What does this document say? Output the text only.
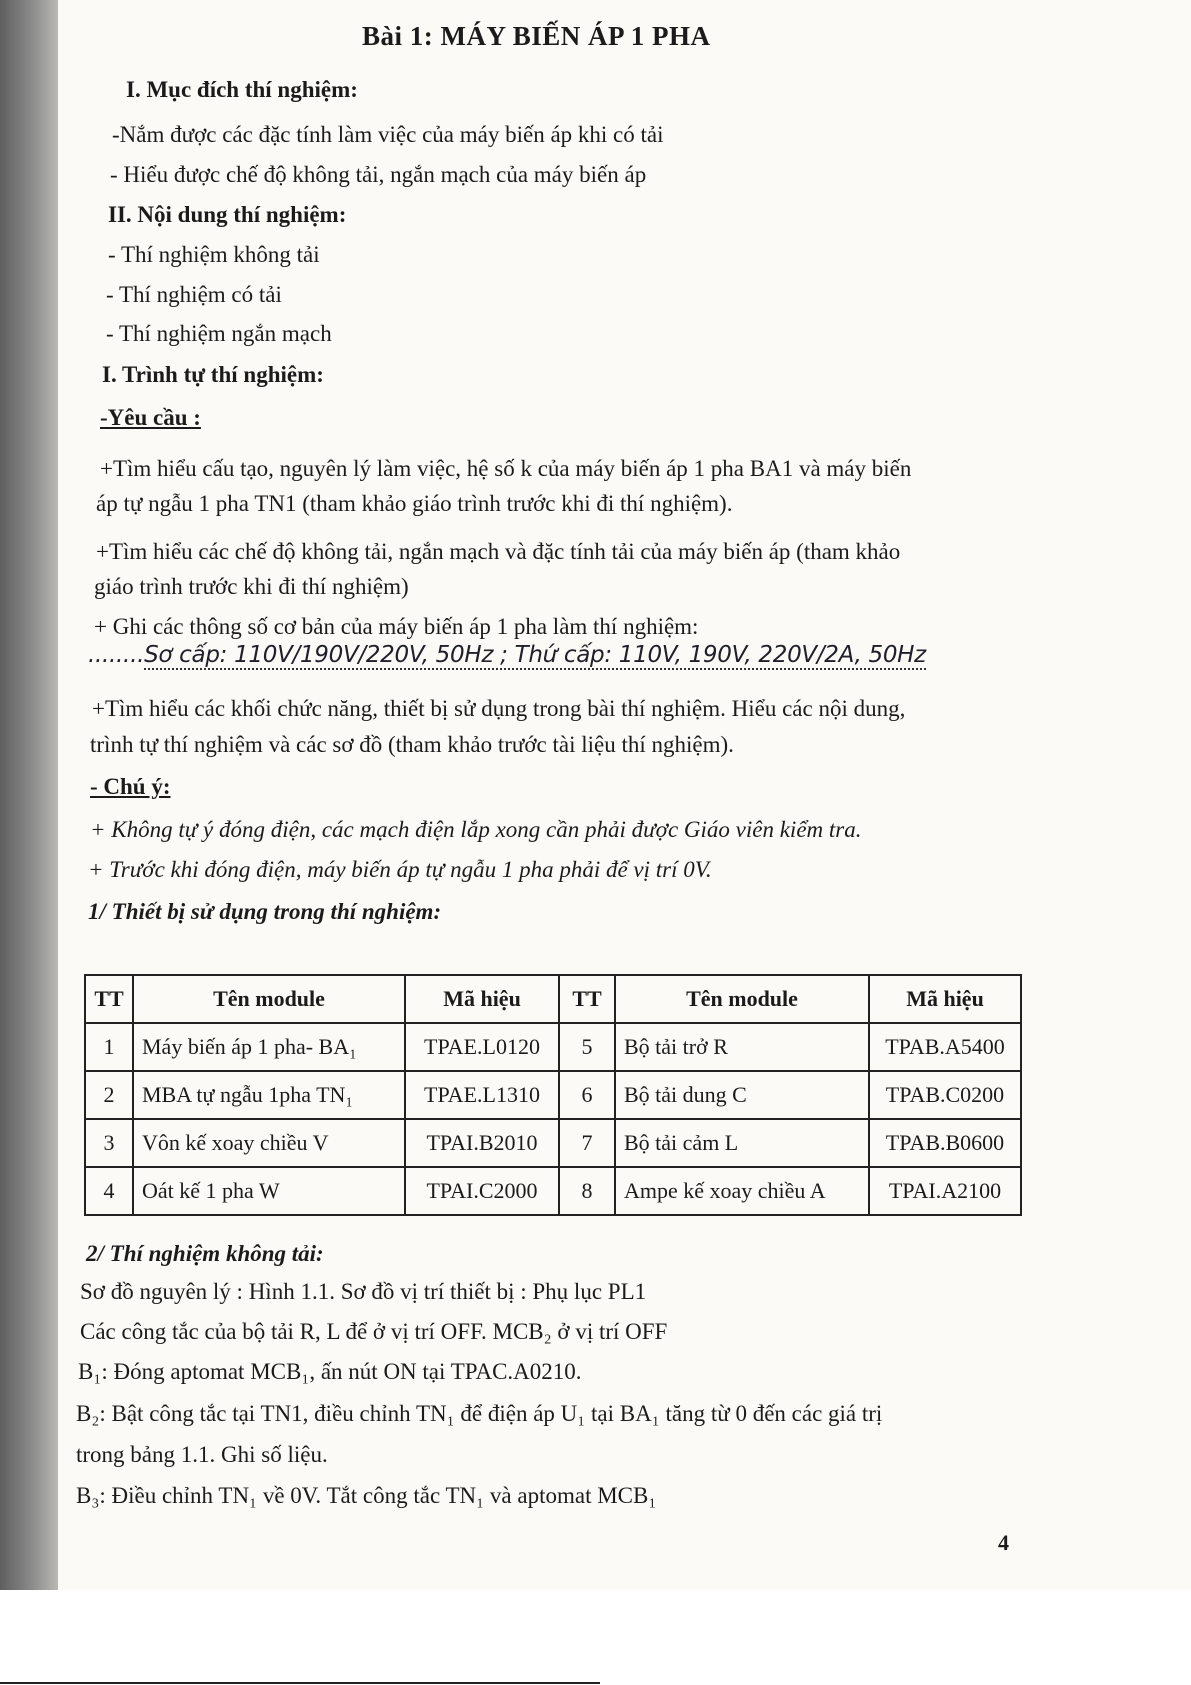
Bài 1: MÁY BIẾN ÁP 1 PHA
I. Mục đích thí nghiệm:
-Nắm được các đặc tính làm việc của máy biến áp khi có tải
- Hiểu được chế độ không tải, ngắn mạch của máy biến áp
II. Nội dung thí nghiệm:
- Thí nghiệm không tải
- Thí nghiệm có tải
- Thí nghiệm ngắn mạch
I. Trình tự thí nghiệm:
-Yêu cầu :
+Tìm hiểu cấu tạo, nguyên lý làm việc, hệ số k của máy biến áp 1 pha BA1 và máy biến
áp tự ngẫu 1 pha TN1 (tham khảo giáo trình trước khi đi thí nghiệm).
+Tìm hiểu các chế độ không tải, ngắn mạch và đặc tính tải của máy biến áp (tham khảo
giáo trình trước khi đi thí nghiệm)
+ Ghi các thông số cơ bản của máy biến áp 1 pha làm thí nghiệm:
........Sơ cấp: 110V/190V/220V, 50Hz ; Thứ cấp: 110V, 190V, 220V/2A, 50Hz
+Tìm hiểu các khối chức năng, thiết bị sử dụng trong bài thí nghiệm. Hiểu các nội dung,
trình tự thí nghiệm và các sơ đồ (tham khảo trước tài liệu thí nghiệm).
- Chú ý:
+ Không tự ý đóng điện, các mạch điện lắp xong cần phải được Giáo viên kiểm tra.
+ Trước khi đóng điện, máy biến áp tự ngẫu 1 pha phải để vị trí 0V.
1/ Thiết bị sử dụng trong thí nghiệm:
TT	Tên module	Mã hiệu	TT	Tên module	Mã hiệu
1	Máy biến áp 1 pha- BA₁	TPAE.L0120	5	Bộ tải trở R	TPAB.A5400
2	MBA tự ngẫu 1pha TN₁	TPAE.L1310	6	Bộ tải dung C	TPAB.C0200
3	Vôn kế xoay chiều V	TPAI.B2010	7	Bộ tải cảm L	TPAB.B0600
4	Oát kế 1 pha W	TPAI.C2000	8	Ampe kế xoay chiều A	TPAI.A2100
2/ Thí nghiệm không tải:
Sơ đồ nguyên lý : Hình 1.1. Sơ đồ vị trí thiết bị : Phụ lục PL1
Các công tắc của bộ tải R, L để ở vị trí OFF. MCB₂ ở vị trí OFF
B₁: Đóng aptomat MCB₁, ấn nút ON tại TPAC.A0210.
B₂: Bật công tắc tại TN1, điều chỉnh TN₁ để điện áp U₁ tại BA₁ tăng từ 0 đến các giá trị
trong bảng 1.1. Ghi số liệu.
B₃: Điều chỉnh TN₁ về 0V. Tắt công tắc TN₁ và aptomat MCB₁
4
